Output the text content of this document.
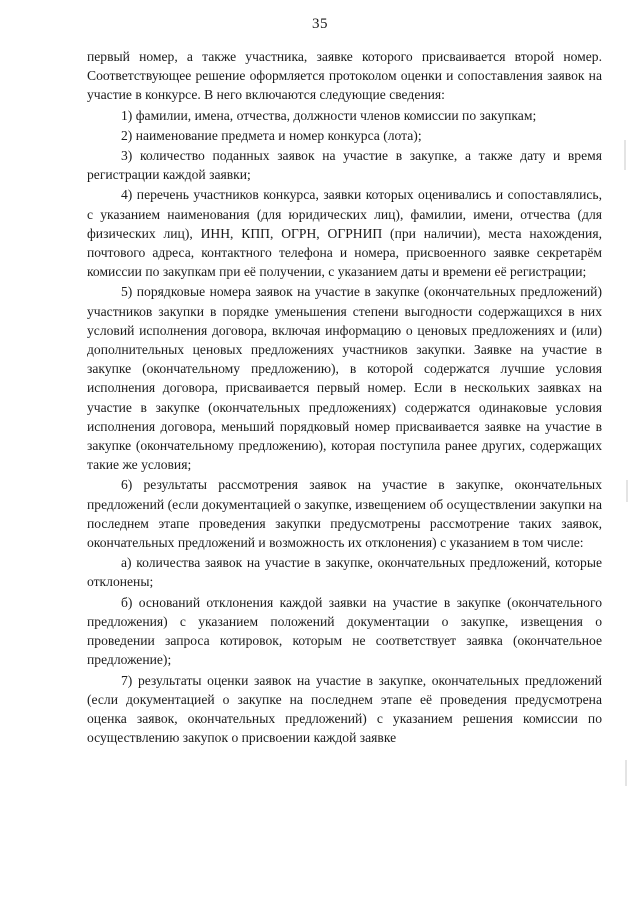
35

первый номер, а также участника, заявке которого присваивается второй номер. Соответствующее решение оформляется протоколом оценки и сопоставления заявок на участие в конкурсе. В него включаются следующие сведения:

1) фамилии, имена, отчества, должности членов комиссии по закупкам;

2) наименование предмета и номер конкурса (лота);

3) количество поданных заявок на участие в закупке, а также дату и время регистрации каждой заявки;

4) перечень участников конкурса, заявки которых оценивались и сопоставлялись, с указанием наименования (для юридических лиц), фамилии, имени, отчества (для физических лиц), ИНН, КПП, ОГРН, ОГРНИП (при наличии), места нахождения, почтового адреса, контактного телефона и номера, присвоенного заявке секретарём комиссии по закупкам при её получении, с указанием даты и времени её регистрации;

5) порядковые номера заявок на участие в закупке (окончательных предложений) участников закупки в порядке уменьшения степени выгодности содержащихся в них условий исполнения договора, включая информацию о ценовых предложениях и (или) дополнительных ценовых предложениях участников закупки. Заявке на участие в закупке (окончательному предложению), в которой содержатся лучшие условия исполнения договора, присваивается первый номер. Если в нескольких заявках на участие в закупке (окончательных предложениях) содержатся одинаковые условия исполнения договора, меньший порядковый номер присваивается заявке на участие в закупке (окончательному предложению), которая поступила ранее других, содержащих такие же условия;

6) результаты рассмотрения заявок на участие в закупке, окончательных предложений (если документацией о закупке, извещением об осуществлении закупки на последнем этапе проведения закупки предусмотрены рассмотрение таких заявок, окончательных предложений и возможность их отклонения) с указанием в том числе:

а) количества заявок на участие в закупке, окончательных предложений, которые отклонены;

б) оснований отклонения каждой заявки на участие в закупке (окончательного предложения) с указанием положений документации о закупке, извещения о проведении запроса котировок, которым не соответствует заявка (окончательное предложение);

7) результаты оценки заявок на участие в закупке, окончательных предложений (если документацией о закупке на последнем этапе её проведения предусмотрена оценка заявок, окончательных предложений) с указанием решения комиссии по осуществлению закупок о присвоении каждой заявке
